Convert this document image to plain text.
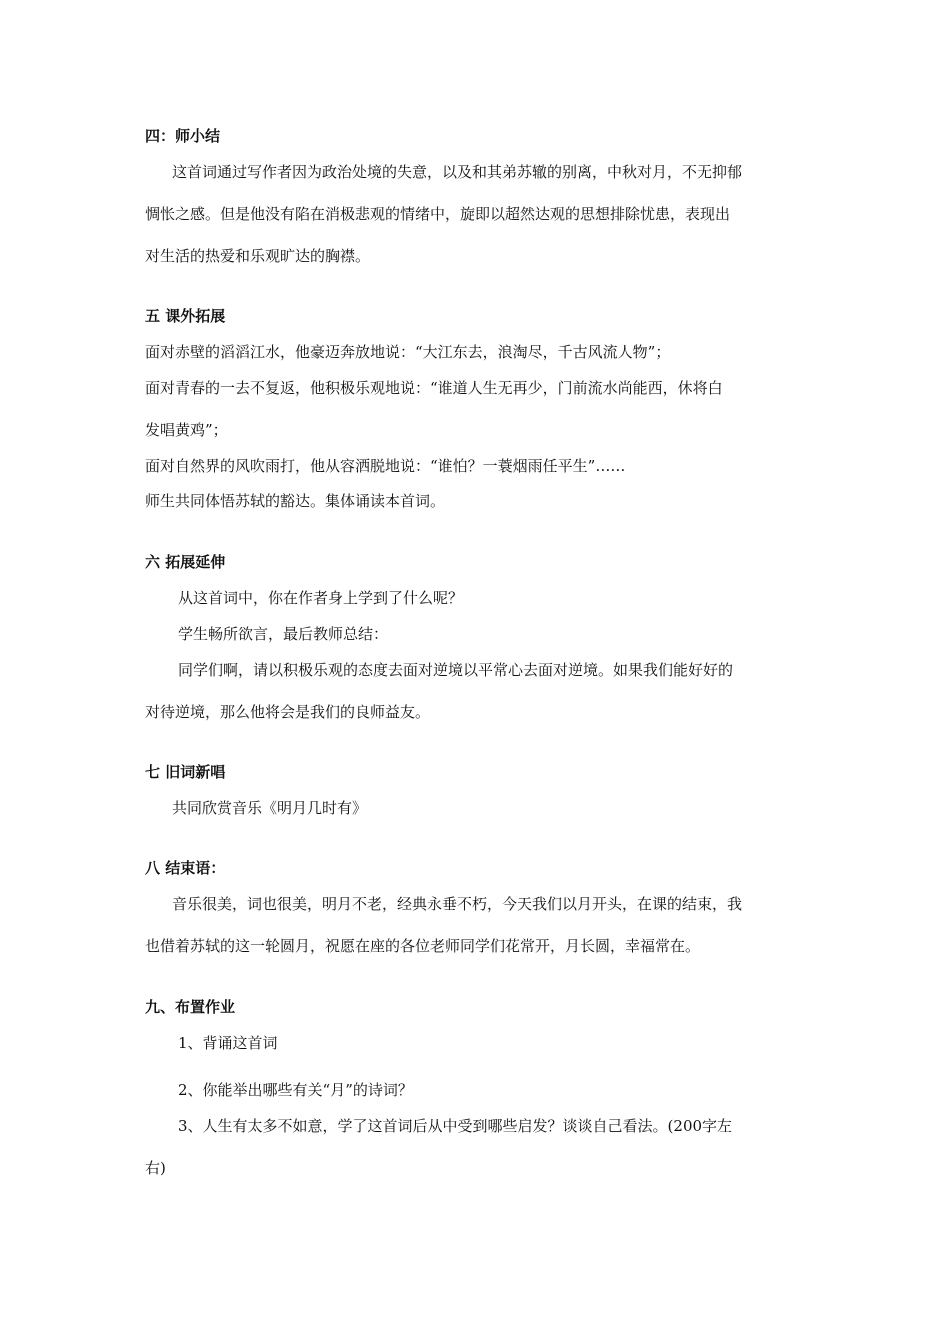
四：师小结

这首词通过写作者因为政治处境的失意，以及和其弟苏辙的别离，中秋对月，不无抑郁

惆怅之感。但是他没有陷在消极悲观的情绪中，旋即以超然达观的思想排除忧患，表现出

对生活的热爱和乐观旷达的胸襟。

五 课外拓展

面对赤壁的滔滔江水，他豪迈奔放地说：“大江东去，浪淘尽，千古风流人物”；

面对青春的一去不复返，他积极乐观地说：“谁道人生无再少，门前流水尚能西，休将白

发唱黄鸡”；

面对自然界的风吹雨打，他从容洒脱地说：“谁怕？一蓑烟雨任平生”……

师生共同体悟苏轼的豁达。集体诵读本首词。

六 拓展延伸

从这首词中，你在作者身上学到了什么呢？

学生畅所欲言，最后教师总结：

同学们啊，请以积极乐观的态度去面对逆境以平常心去面对逆境。如果我们能好好的

对待逆境，那么他将会是我们的良师益友。

七 旧词新唱

共同欣赏音乐《明月几时有》

八 结束语：

音乐很美，词也很美，明月不老，经典永垂不朽，今天我们以月开头，在课的结束，我

也借着苏轼的这一轮圆月，祝愿在座的各位老师同学们花常开，月长圆，幸福常在。

九、布置作业

1、背诵这首词

2、你能举出哪些有关“月”的诗词？

3、人生有太多不如意，学了这首词后从中受到哪些启发？谈谈自己看法。(200字左

右)
